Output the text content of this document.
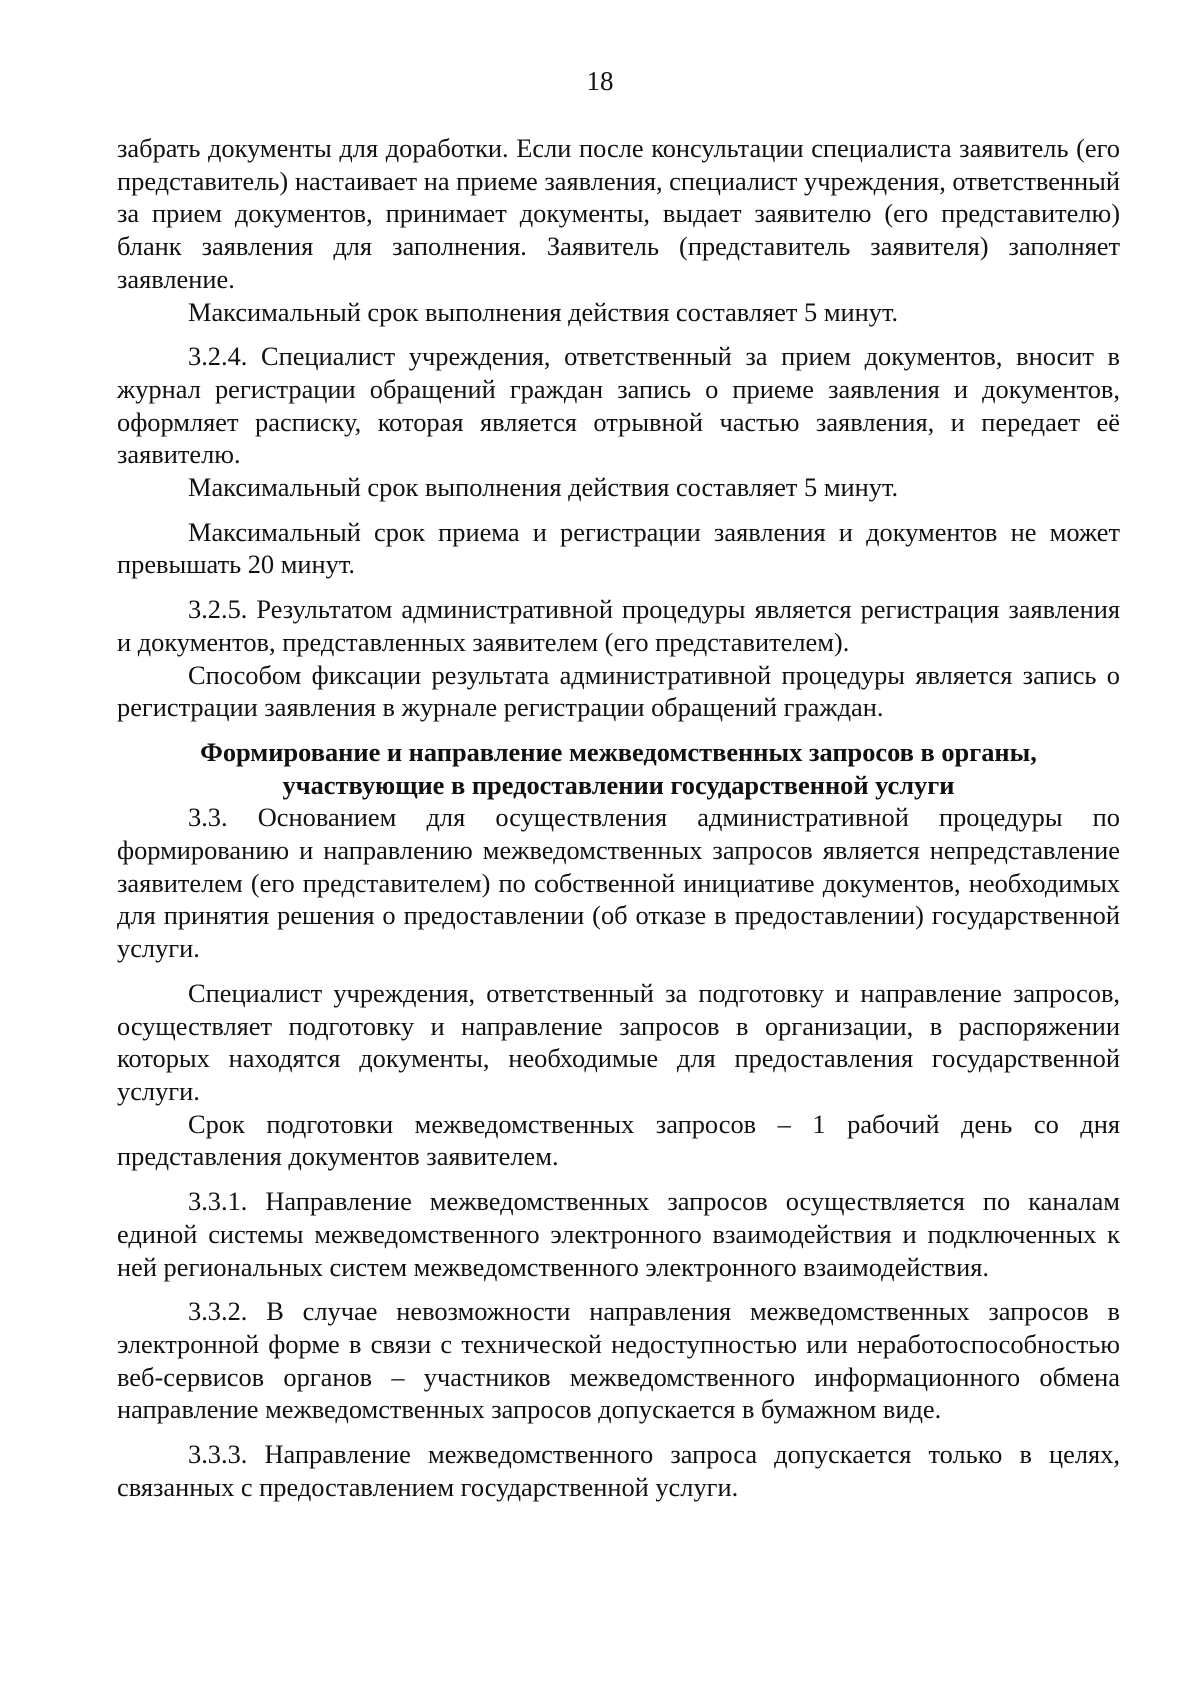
18

забрать документы для доработки. Если после консультации специалиста заявитель (его представитель) настаивает на приеме заявления, специалист учреждения, ответственный за прием документов, принимает документы, выдает заявителю (его представителю) бланк заявления для заполнения. Заявитель (представитель заявителя) заполняет заявление.

Максимальный срок выполнения действия составляет 5 минут.

3.2.4. Специалист учреждения, ответственный за прием документов, вносит в журнал регистрации обращений граждан запись о приеме заявления и документов, оформляет расписку, которая является отрывной частью заявления, и передает её заявителю.

Максимальный срок выполнения действия составляет 5 минут.

Максимальный срок приема и регистрации заявления и документов не может превышать 20 минут.

3.2.5. Результатом административной процедуры является регистрация заявления и документов, представленных заявителем (его представителем).

Способом фиксации результата административной процедуры является запись о регистрации заявления в журнале регистрации обращений граждан.

Формирование и направление межведомственных запросов в органы,
участвующие в предоставлении государственной услуги

3.3. Основанием для осуществления административной процедуры по формированию и направлению межведомственных запросов является непредставление заявителем (его представителем) по собственной инициативе документов, необходимых для принятия решения о предоставлении (об отказе в предоставлении) государственной услуги.

Специалист учреждения, ответственный за подготовку и направление запросов, осуществляет подготовку и направление запросов в организации, в распоряжении которых находятся документы, необходимые для предоставления государственной услуги.

Срок подготовки межведомственных запросов – 1 рабочий день со дня представления документов заявителем.

3.3.1. Направление межведомственных запросов осуществляется по каналам единой системы межведомственного электронного взаимодействия и подключенных к ней региональных систем межведомственного электронного взаимодействия.

3.3.2. В случае невозможности направления межведомственных запросов в электронной форме в связи с технической недоступностью или неработоспособностью веб-сервисов органов – участников межведомственного информационного обмена направление межведомственных запросов допускается в бумажном виде.

3.3.3. Направление межведомственного запроса допускается только в целях, связанных с предоставлением государственной услуги.
